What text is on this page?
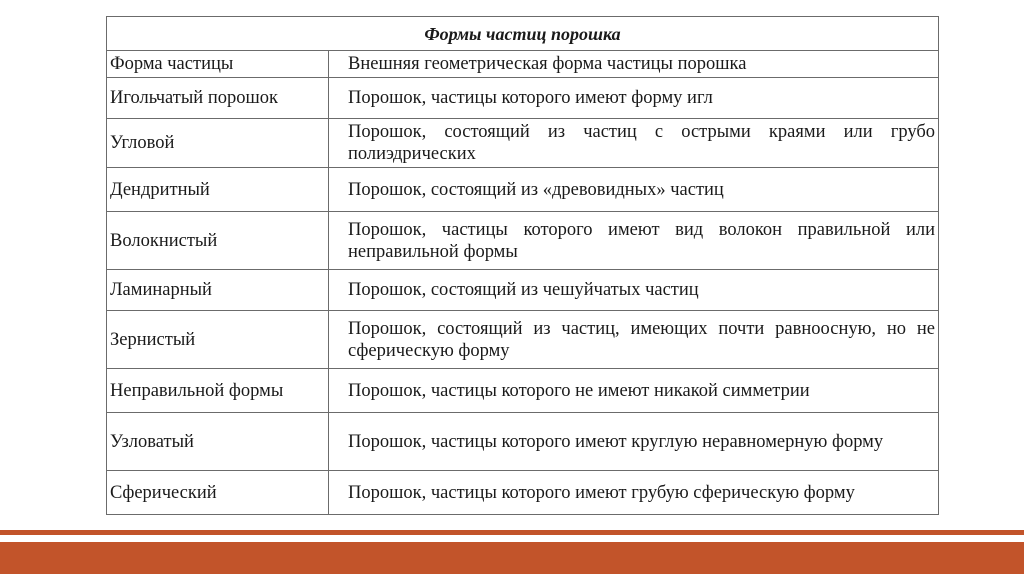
Формы частиц порошка	
Форма частицы	Внешняя геометрическая форма частицы порошка
Игольчатый порошок	Порошок, частицы которого имеют форму игл
Угловой	Порошок, состоящий из частиц с острыми краями или грубо полиэдрических
Дендритный	Порошок, состоящий из «древовидных» частиц
Волокнистый	Порошок, частицы которого имеют вид волокон правильной или неправильной формы
Ламинарный	Порошок, состоящий из чешуйчатых частиц
Зернистый	Порошок, состоящий из частиц, имеющих почти равноосную, но не сферическую форму
Неправильной формы	Порошок, частицы которого не имеют никакой симметрии
Узловатый	Порошок, частицы которого имеют круглую неравномерную форму
Сферический	Порошок, частицы которого имеют грубую сферическую форму
